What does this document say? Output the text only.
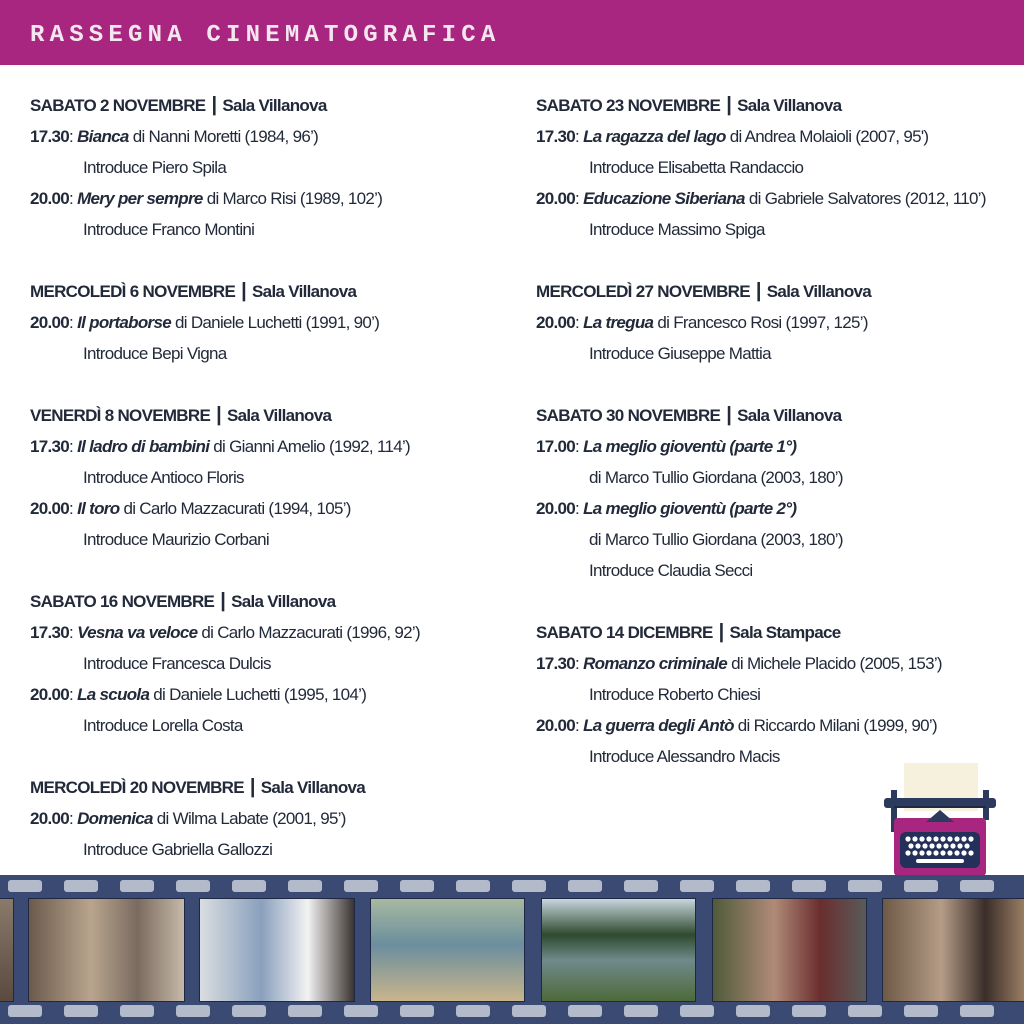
RASSEGNA CINEMATOGRAFICA
SABATO 2 NOVEMBRE | Sala Villanova
17.30: Bianca di Nanni Moretti (1984, 96’)
Introduce Piero Spila
20.00: Mery per sempre di Marco Risi (1989, 102’)
Introduce Franco Montini
MERCOLEDÌ 6 NOVEMBRE | Sala Villanova
20.00: Il portaborse di Daniele Luchetti (1991, 90’)
Introduce Bepi Vigna
VENERDÌ 8 NOVEMBRE | Sala Villanova
17.30: Il ladro di bambini di Gianni Amelio (1992, 114’)
Introduce Antioco Floris
20.00: Il toro di Carlo Mazzacurati (1994, 105’)
Introduce Maurizio Corbani
SABATO 16 NOVEMBRE | Sala Villanova
17.30: Vesna va veloce di Carlo Mazzacurati (1996, 92’)
Introduce Francesca Dulcis
20.00: La scuola di Daniele Luchetti (1995, 104’)
Introduce Lorella Costa
MERCOLEDÌ 20 NOVEMBRE | Sala Villanova
20.00: Domenica di Wilma Labate (2001, 95’)
Introduce Gabriella Gallozzi
SABATO 23 NOVEMBRE | Sala Villanova
17.30: La ragazza del lago di Andrea Molaioli (2007, 95')
Introduce Elisabetta Randaccio
20.00: Educazione Siberiana di Gabriele Salvatores (2012, 110’)
Introduce Massimo Spiga
MERCOLEDÌ 27 NOVEMBRE | Sala Villanova
20.00: La tregua di Francesco Rosi (1997, 125’)
Introduce Giuseppe Mattia
SABATO 30 NOVEMBRE | Sala Villanova
17.00: La meglio gioventù (parte 1°)
di Marco Tullio Giordana (2003, 180’)
20.00: La meglio gioventù (parte 2°)
di Marco Tullio Giordana (2003, 180’)
Introduce Claudia Secci
SABATO 14 DICEMBRE | Sala Stampace
17.30: Romanzo criminale di Michele Placido (2005, 153’)
Introduce Roberto Chiesi
20.00: La guerra degli Antò di Riccardo Milani (1999, 90’)
Introduce Alessandro Macis
